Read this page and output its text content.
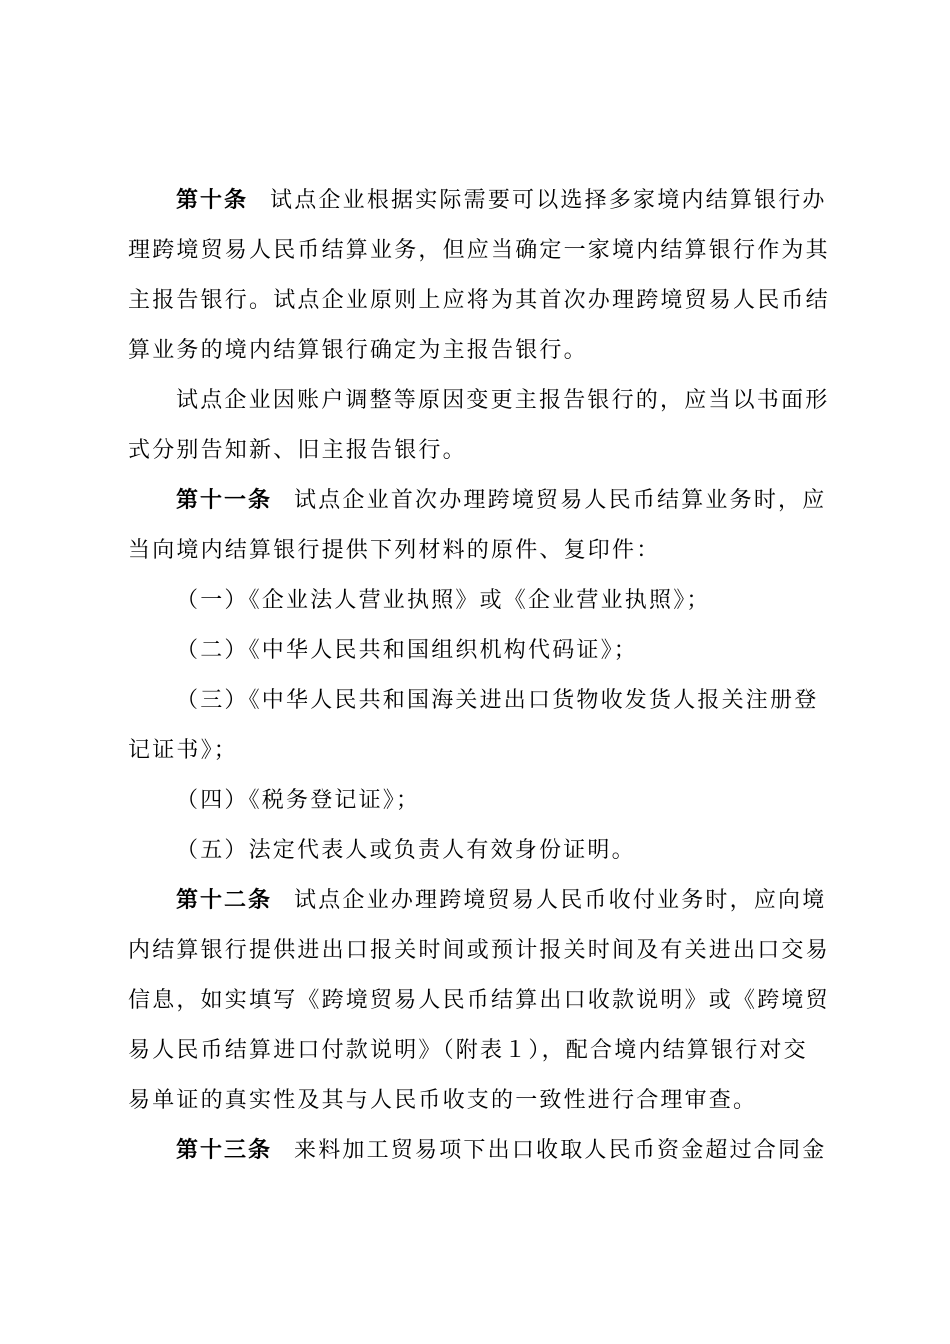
第十条 试点企业根据实际需要可以选择多家境内结算银行办
理跨境贸易人民币结算业务，但应当确定一家境内结算银行作为其
主报告银行。试点企业原则上应将为其首次办理跨境贸易人民币结
算业务的境内结算银行确定为主报告银行。
试点企业因账户调整等原因变更主报告银行的，应当以书面形
式分别告知新、旧主报告银行。
第十一条 试点企业首次办理跨境贸易人民币结算业务时，应
当向境内结算银行提供下列材料的原件、复印件：
（一）《企业法人营业执照》或《企业营业执照》；
（二）《中华人民共和国组织机构代码证》；
（三）《中华人民共和国海关进出口货物收发货人报关注册登
记证书》；
（四）《税务登记证》；
（五）法定代表人或负责人有效身份证明。
第十二条 试点企业办理跨境贸易人民币收付业务时，应向境
内结算银行提供进出口报关时间或预计报关时间及有关进出口交易
信息，如实填写《跨境贸易人民币结算出口收款说明》或《跨境贸
易人民币结算进口付款说明》（附表１），配合境内结算银行对交
易单证的真实性及其与人民币收支的一致性进行合理审查。
第十三条 来料加工贸易项下出口收取人民币资金超过合同金
